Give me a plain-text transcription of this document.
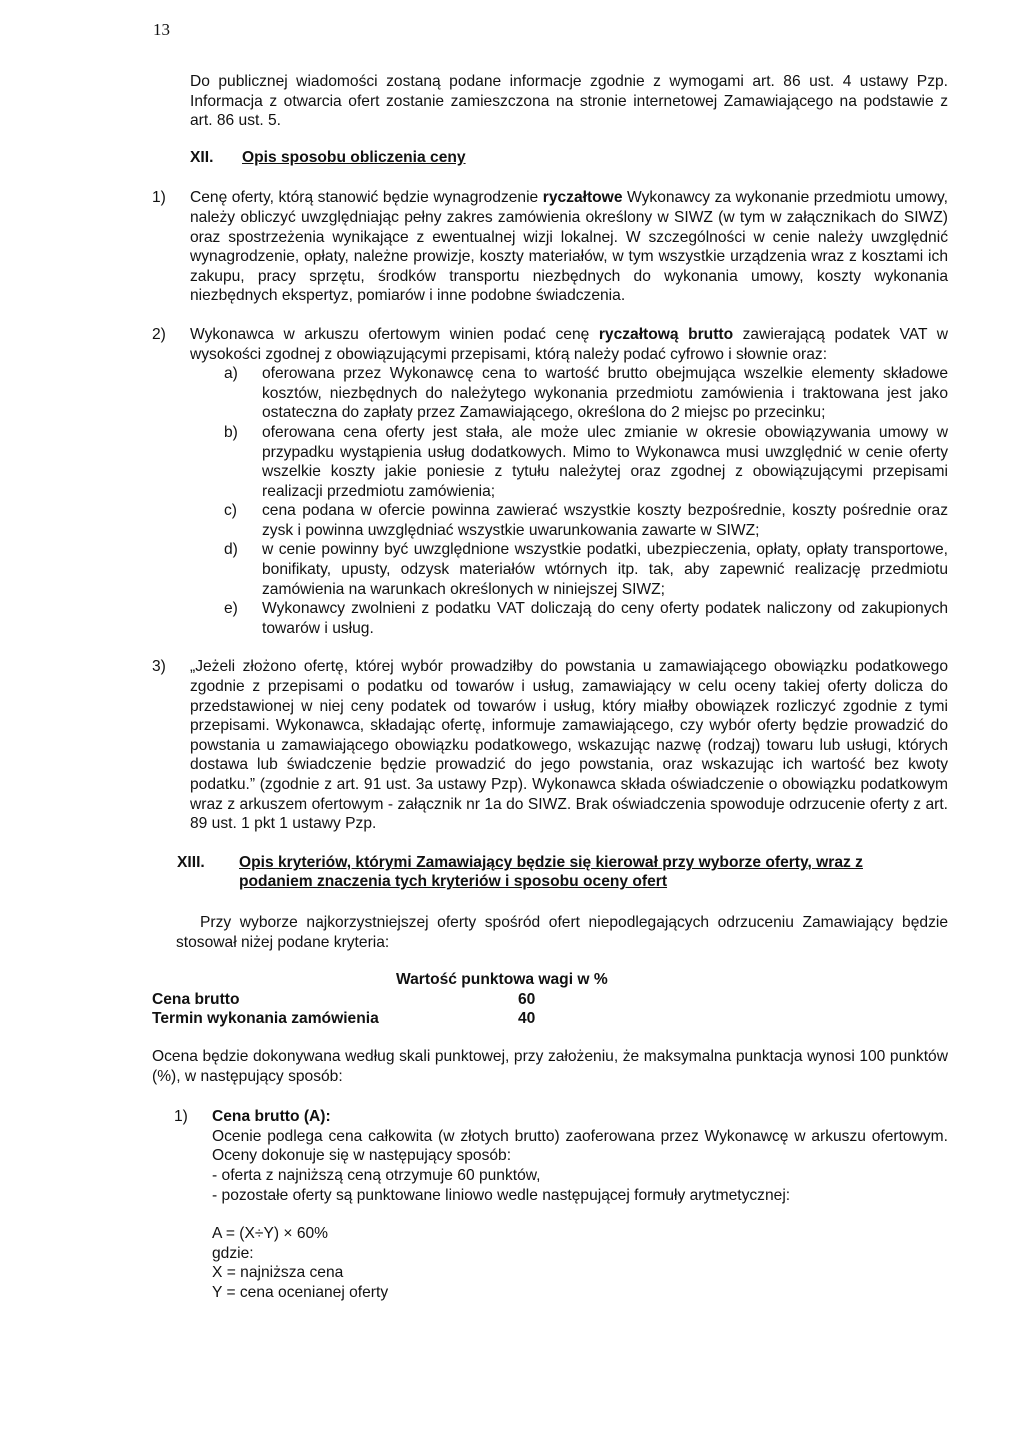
13

Do publicznej wiadomości zostaną podane informacje zgodnie z wymogami art. 86 ust. 4 ustawy Pzp. Informacja z otwarcia ofert zostanie zamieszczona na stronie internetowej Zamawiającego na podstawie z art. 86 ust. 5.

XII.	Opis sposobu obliczenia ceny
1) Cenę oferty, którą stanowić będzie wynagrodzenie ryczałtowe Wykonawcy za wykonanie przedmiotu umowy, należy obliczyć uwzględniając pełny zakres zamówienia określony w SIWZ (w tym w załącznikach do SIWZ) oraz spostrzeżenia wynikające z ewentualnej wizji lokalnej. W szczególności w cenie należy uwzględnić wynagrodzenie, opłaty, należne prowizje, koszty materiałów, w tym wszystkie urządzenia wraz z kosztami ich zakupu, pracy sprzętu, środków transportu niezbędnych do wykonania umowy, koszty wykonania niezbędnych ekspertyz, pomiarów i inne podobne świadczenia.

2) Wykonawca w arkuszu ofertowym winien podać cenę ryczałtową brutto zawierającą podatek VAT w wysokości zgodnej z obowiązującymi przepisami, którą należy podać cyfrowo i słownie oraz:

a) oferowana przez Wykonawcę cena to wartość brutto obejmująca wszelkie elementy składowe kosztów, niezbędnych do należytego wykonania przedmiotu zamówienia i traktowana jest jako ostateczna do zapłaty przez Zamawiającego, określona do 2 miejsc po przecinku;
b) oferowana cena oferty jest stała, ale może ulec zmianie w okresie obowiązywania umowy w przypadku wystąpienia usług dodatkowych. Mimo to Wykonawca musi uwzględnić w cenie oferty wszelkie koszty jakie poniesie z tytułu należytej oraz zgodnej z obowiązującymi przepisami realizacji przedmiotu zamówienia;
c) cena podana w ofercie powinna zawierać wszystkie koszty bezpośrednie, koszty pośrednie oraz zysk i powinna uwzględniać wszystkie uwarunkowania zawarte w SIWZ;
d) w cenie powinny być uwzględnione wszystkie podatki, ubezpieczenia, opłaty, opłaty transportowe, bonifikaty, upusty, odzysk materiałów wtórnych itp. tak, aby zapewnić realizację przedmiotu zamówienia na warunkach określonych w niniejszej SIWZ;
e) Wykonawcy zwolnieni z podatku VAT doliczają do ceny oferty podatek naliczony od zakupionych towarów i usług.
3) „Jeżeli złożono ofertę, której wybór prowadziłby do powstania u zamawiającego obowiązku podatkowego zgodnie z przepisami o podatku od towarów i usług, zamawiający w celu oceny takiej oferty dolicza do przedstawionej w niej ceny podatek od towarów i usług, który miałby obowiązek rozliczyć zgodnie z tymi przepisami. Wykonawca, składając ofertę, informuje zamawiającego, czy wybór oferty będzie prowadzić do powstania u zamawiającego obowiązku podatkowego, wskazując nazwę (rodzaj) towaru lub usługi, których dostawa lub świadczenie będzie prowadzić do jego powstania, oraz wskazując ich wartość bez kwoty podatku.” (zgodnie z art. 91 ust. 3a ustawy Pzp). Wykonawca składa oświadczenie o obowiązku podatkowym wraz z arkuszem ofertowym - załącznik nr 1a do SIWZ. Brak oświadczenia spowoduje odrzucenie oferty z art. 89 ust. 1 pkt 1 ustawy Pzp.

XIII.	Opis kryteriów, którymi Zamawiający będzie się kierował przy wyborze oferty, wraz z podaniem znaczenia tych kryteriów i sposobu oceny ofert

Przy wyborze najkorzystniejszej oferty spośród ofert niepodlegających odrzuceniu Zamawiający będzie stosował niżej podane kryteria:

Wartość punktowa wagi w %
Cena brutto	60
Termin wykonania zamówienia	40

Ocena będzie dokonywana według skali punktowej, przy założeniu, że maksymalna punktacja wynosi 100 punktów (%), w następujący sposób:

1) Cena brutto (A):
Ocenie podlega cena całkowita (w złotych brutto) zaoferowana przez Wykonawcę w arkuszu ofertowym. Oceny dokonuje się w następujący sposób:
- oferta z najniższą ceną otrzymuje 60 punktów,
- pozostałe oferty są punktowane liniowo wedle następującej formuły arytmetycznej:
A = (X÷Y) × 60%
gdzie:
X = najniższa cena
Y = cena ocenianej oferty
